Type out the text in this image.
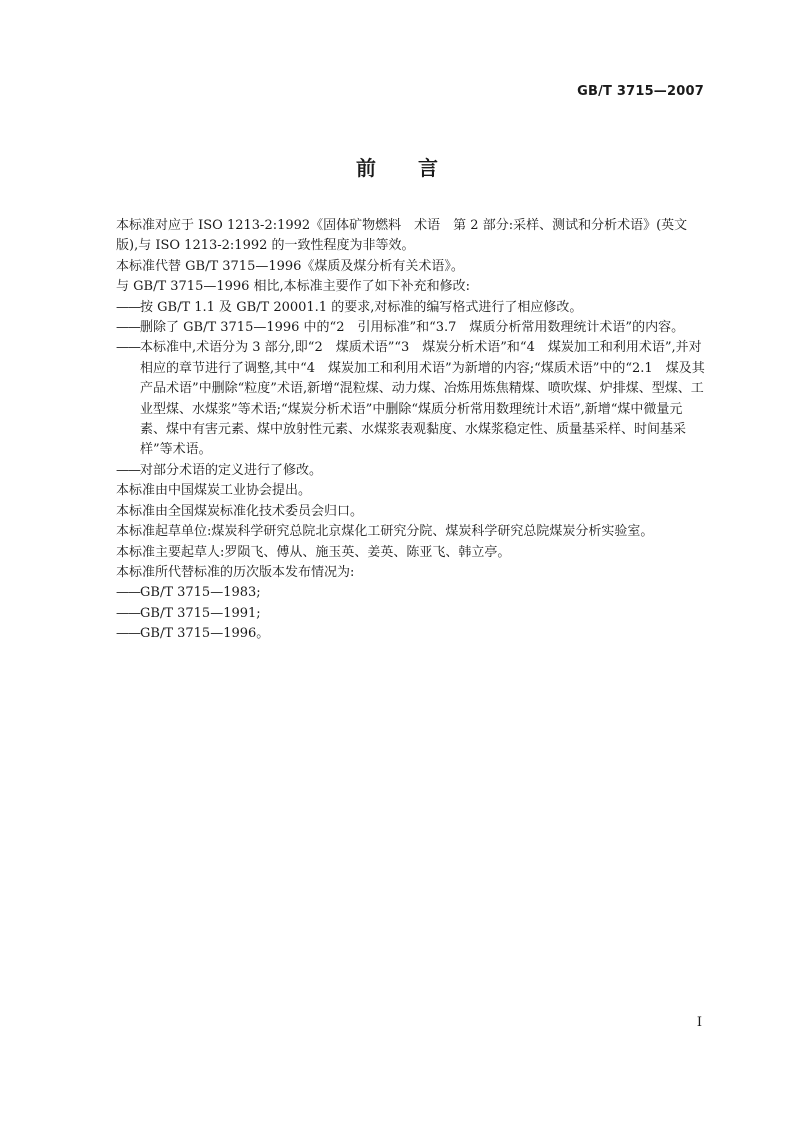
GB/T 3715—2007
前 言
本标准对应于 ISO 1213-2:1992《固体矿物燃料　术语　第 2 部分:采样、测试和分析术语》(英文
版),与 ISO 1213-2:1992 的一致性程度为非等效。
本标准代替 GB/T 3715—1996《煤质及煤分析有关术语》。
与 GB/T 3715—1996 相比,本标准主要作了如下补充和修改:
—— 按 GB/T 1.1 及 GB/T 20001.1 的要求,对标准的编写格式进行了相应修改。
—— 删除了 GB/T 3715—1996 中的“2　引用标准”和“3.7　煤质分析常用数理统计术语”的内容。
—— 本标准中,术语分为 3 部分,即“2　煤质术语”“3　煤炭分析术语”和“4　煤炭加工和利用术语”,并对相应的章节进行了调整,其中“4　煤炭加工和利用术语”为新增的内容;“煤质术语”中的“2.1　煤及其产品术语”中删除“粒度”术语,新增“混粒煤、动力煤、冶炼用炼焦精煤、喷吹煤、炉排煤、型煤、工业型煤、水煤浆”等术语;“煤炭分析术语”中删除“煤质分析常用数理统计术语”,新增“煤中微量元素、煤中有害元素、煤中放射性元素、水煤浆表观黏度、水煤浆稳定性、质量基采样、时间基采样”等术语。
—— 对部分术语的定义进行了修改。
本标准由中国煤炭工业协会提出。
本标准由全国煤炭标准化技术委员会归口。
本标准起草单位:煤炭科学研究总院北京煤化工研究分院、煤炭科学研究总院煤炭分析实验室。
本标准主要起草人:罗陨飞、傅从、施玉英、姜英、陈亚飞、韩立亭。
本标准所代替标准的历次版本发布情况为:
—— GB/T 3715—1983;
—— GB/T 3715—1991;
—— GB/T 3715—1996。
I
